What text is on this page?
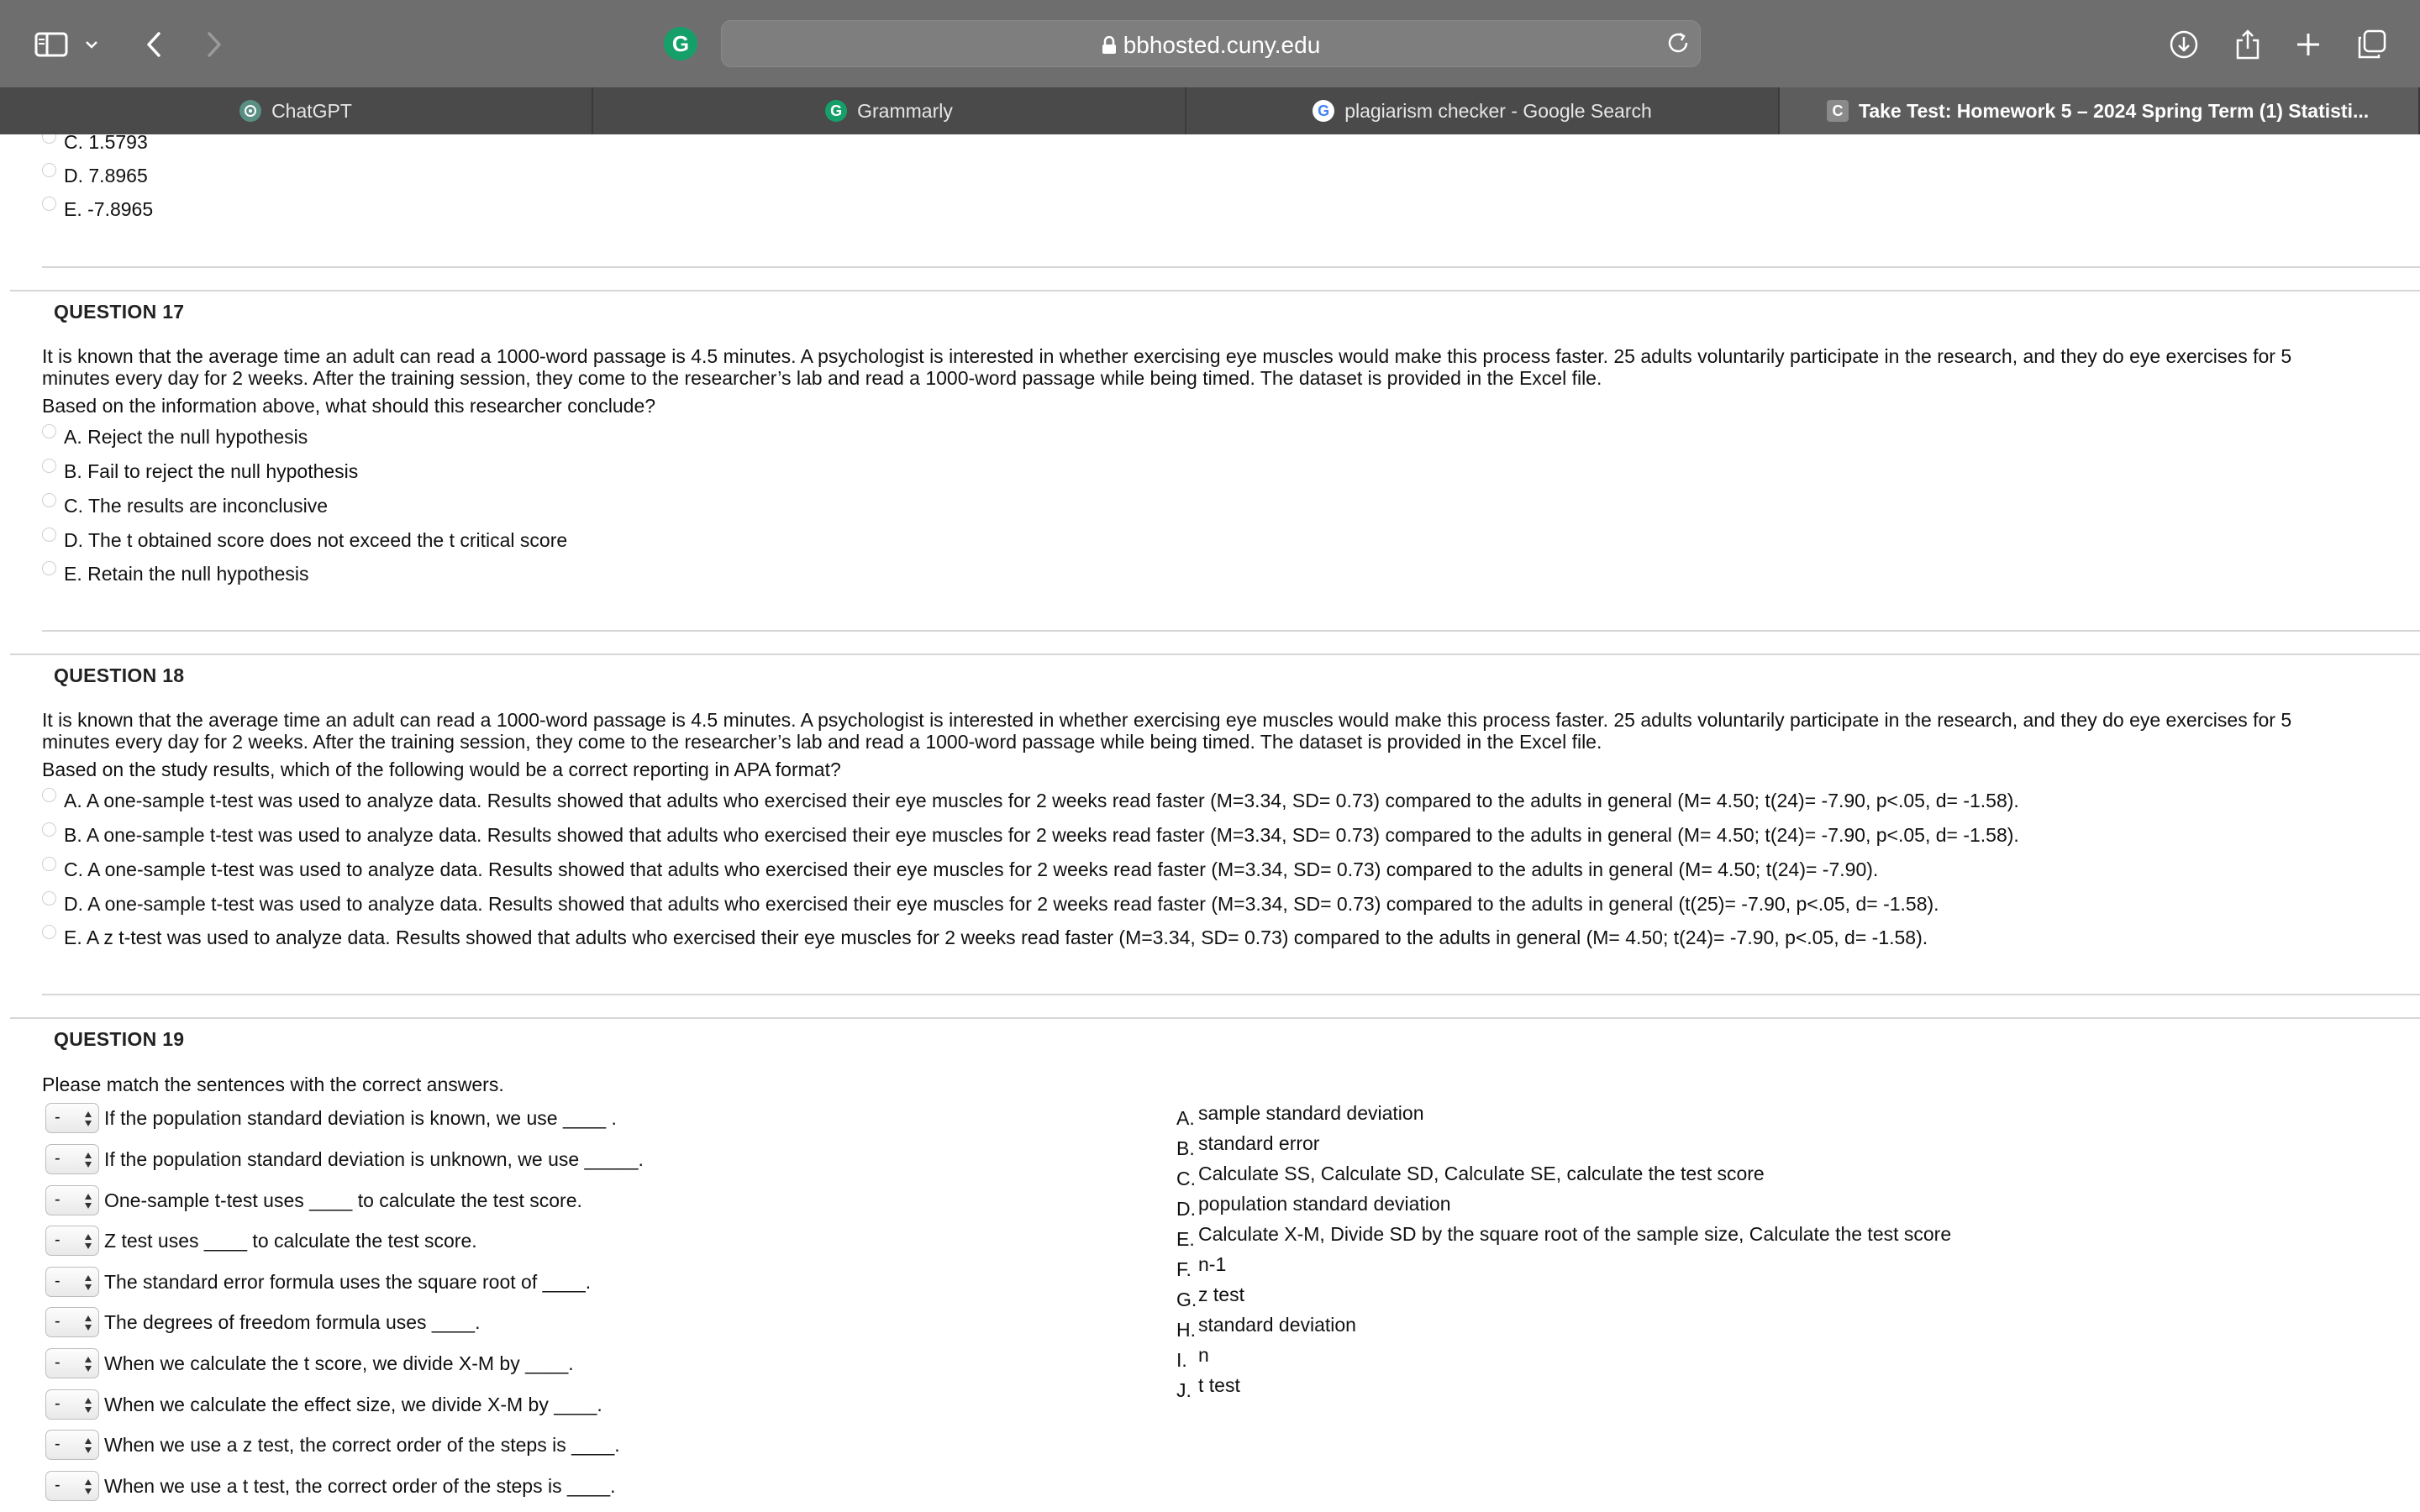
G	bbhosted.cuny.edu
ChatGPT	G Grammarly	G plagiarism checker - Google Search	C Take Test: Homework 5 – 2024 Spring Term (1) Statisti...
C. 1.5793
D. 7.8965
E. -7.8965
QUESTION 17
It is known that the average time an adult can read a 1000-word passage is 4.5 minutes. A psychologist is interested in whether exercising eye muscles would make this process faster. 25 adults voluntarily participate in the research, and they do eye exercises for 5 minutes every day for 2 weeks. After the training session, they come to the researcher’s lab and read a 1000-word passage while being timed. The dataset is provided in the Excel file.
Based on the information above, what should this researcher conclude?
A. Reject the null hypothesis
B. Fail to reject the null hypothesis
C. The results are inconclusive
D. The t obtained score does not exceed the t critical score
E. Retain the null hypothesis
QUESTION 18
It is known that the average time an adult can read a 1000-word passage is 4.5 minutes. A psychologist is interested in whether exercising eye muscles would make this process faster. 25 adults voluntarily participate in the research, and they do eye exercises for 5 minutes every day for 2 weeks. After the training session, they come to the researcher’s lab and read a 1000-word passage while being timed. The dataset is provided in the Excel file.
Based on the study results, which of the following would be a correct reporting in APA format?
A. A one-sample t-test was used to analyze data. Results showed that adults who exercised their eye muscles for 2 weeks read faster (M=3.34, SD= 0.73) compared to the adults in general (M= 4.50; t(24)= -7.90, p<.05, d= -1.58).
B. A one-sample t-test was used to analyze data. Results showed that adults who exercised their eye muscles for 2 weeks read faster (M=3.34, SD= 0.73) compared to the adults in general (M= 4.50; t(24)= -7.90, p<.05, d= -1.58).
C. A one-sample t-test was used to analyze data. Results showed that adults who exercised their eye muscles for 2 weeks read faster (M=3.34, SD= 0.73) compared to the adults in general (M= 4.50; t(24)= -7.90).
D. A one-sample t-test was used to analyze data. Results showed that adults who exercised their eye muscles for 2 weeks read faster (M=3.34, SD= 0.73) compared to the adults in general (t(25)= -7.90, p<.05, d= -1.58).
E. A z t-test was used to analyze data. Results showed that adults who exercised their eye muscles for 2 weeks read faster (M=3.34, SD= 0.73) compared to the adults in general (M= 4.50; t(24)= -7.90, p<.05, d= -1.58).
QUESTION 19
Please match the sentences with the correct answers.
- If the population standard deviation is known, we use ____ .
- If the population standard deviation is unknown, we use _____.
- One-sample t-test uses ____ to calculate the test score.
- Z test uses ____ to calculate the test score.
- The standard error formula uses the square root of ____.
- The degrees of freedom formula uses ____.
- When we calculate the t score, we divide X-M by ____.
- When we calculate the effect size, we divide X-M by ____.
- When we use a z test, the correct order of the steps is ____.
- When we use a t test, the correct order of the steps is ____.
A. sample standard deviation
B. standard error
C. Calculate SS, Calculate SD, Calculate SE, calculate the test score
D. population standard deviation
E. Calculate X-M, Divide SD by the square root of the sample size, Calculate the test score
F. n-1
G. z test
H. standard deviation
I. n
J. t test
